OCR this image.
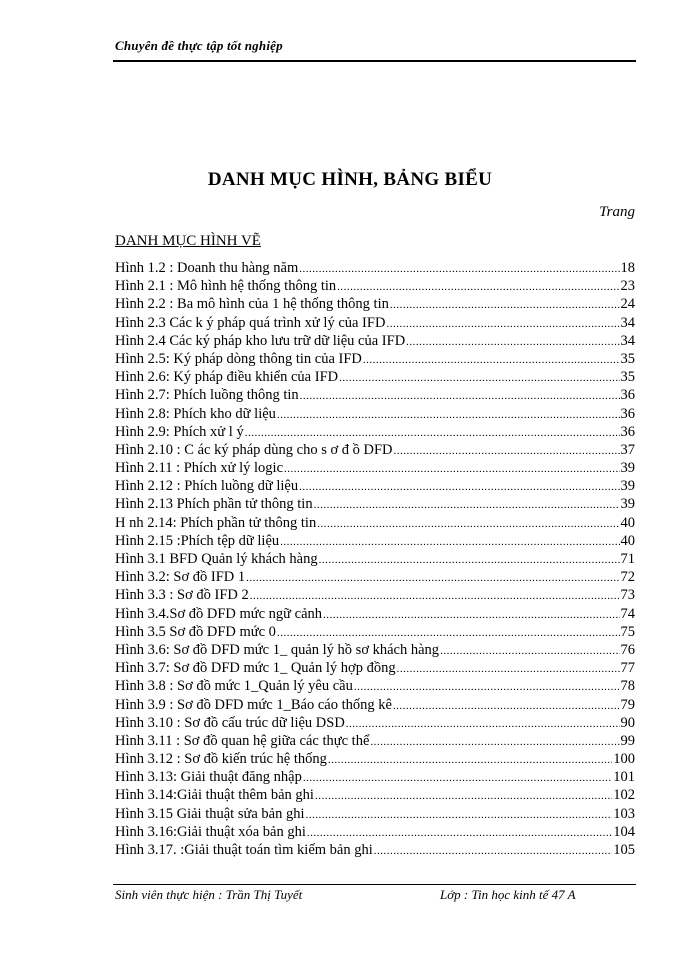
Chuyên đề thực tập tốt nghiệp
DANH MỤC HÌNH, BẢNG BIỂU
Trang
DANH MỤC HÌNH VẼ
Hình 1.2 : Doanh thu hàng năm .....	18
Hình 2.1 : Mô hình hệ thống thông tin .....	23
Hình 2.2 : Ba mô hình của 1 hệ thống thông tin .....	24
Hình 2.3 Các k ý pháp quá trình xử lý của IFD .....	34
Hình 2.4 Các ký pháp kho lưu trữ dữ liệu của IFD .....	34
Hình 2.5: Ký pháp dòng thông tin của IFD .....	35
Hình 2.6: Ký pháp điều khiển của IFD .....	35
Hình 2.7: Phích luồng thông tin .....	36
Hình 2.8: Phích kho dữ liệu .....	36
Hình 2.9: Phích xử l ý .....	36
Hình 2.10 : C ác ký pháp dùng cho s ơ đ ồ DFD .....	37
Hình 2.11 : Phích xử lý logic .....	39
Hình 2.12 : Phích luồng dữ liệu .....	39
Hình 2.13 Phích phần tử thông tin .....	39
H nh 2.14: Phích phần tử thông tin .....	40
Hình 2.15 :Phích tệp dữ liệu .....	40
Hình 3.1 BFD Quản lý khách hàng .....	71
Hình 3.2: Sơ đồ IFD 1 .....	72
Hình 3.3 : Sơ đồ IFD 2 .....	73
Hình 3.4.Sơ đồ DFD mức ngữ cảnh .....	74
Hình 3.5 Sơ đồ DFD mức 0 .....	75
Hình 3.6: Sơ đồ DFD mức 1_ quản lý hồ sơ khách hàng .....	76
Hình 3.7: Sơ đồ DFD mức 1_ Quản lý hợp đồng .....	77
Hình 3.8 : Sơ đồ mức 1_Quản lý yêu cầu .....	78
Hình 3.9 : Sơ đồ DFD mức 1_Báo cáo thống kê .....	79
Hình 3.10 : Sơ đồ cấu trúc dữ liệu DSD .....	90
Hình 3.11 : Sơ đồ quan hệ giữa các thực thể .....	99
Hình 3.12 : Sơ đồ kiến trúc hệ thống .....	100
Hình 3.13: Giải thuật đăng nhập .....	101
Hình 3.14:Giải thuật thêm bản ghi .....	102
Hình 3.15 Giải thuật sửa bản ghi .....	103
Hình 3.16:Giải thuật xóa bản ghi .....	104
Hình 3.17. :Giải thuật toán tìm kiếm bản ghi .....	105
Sinh viên thực hiện : Trần Thị Tuyết	Lớp : Tin học kinh tế 47 A
